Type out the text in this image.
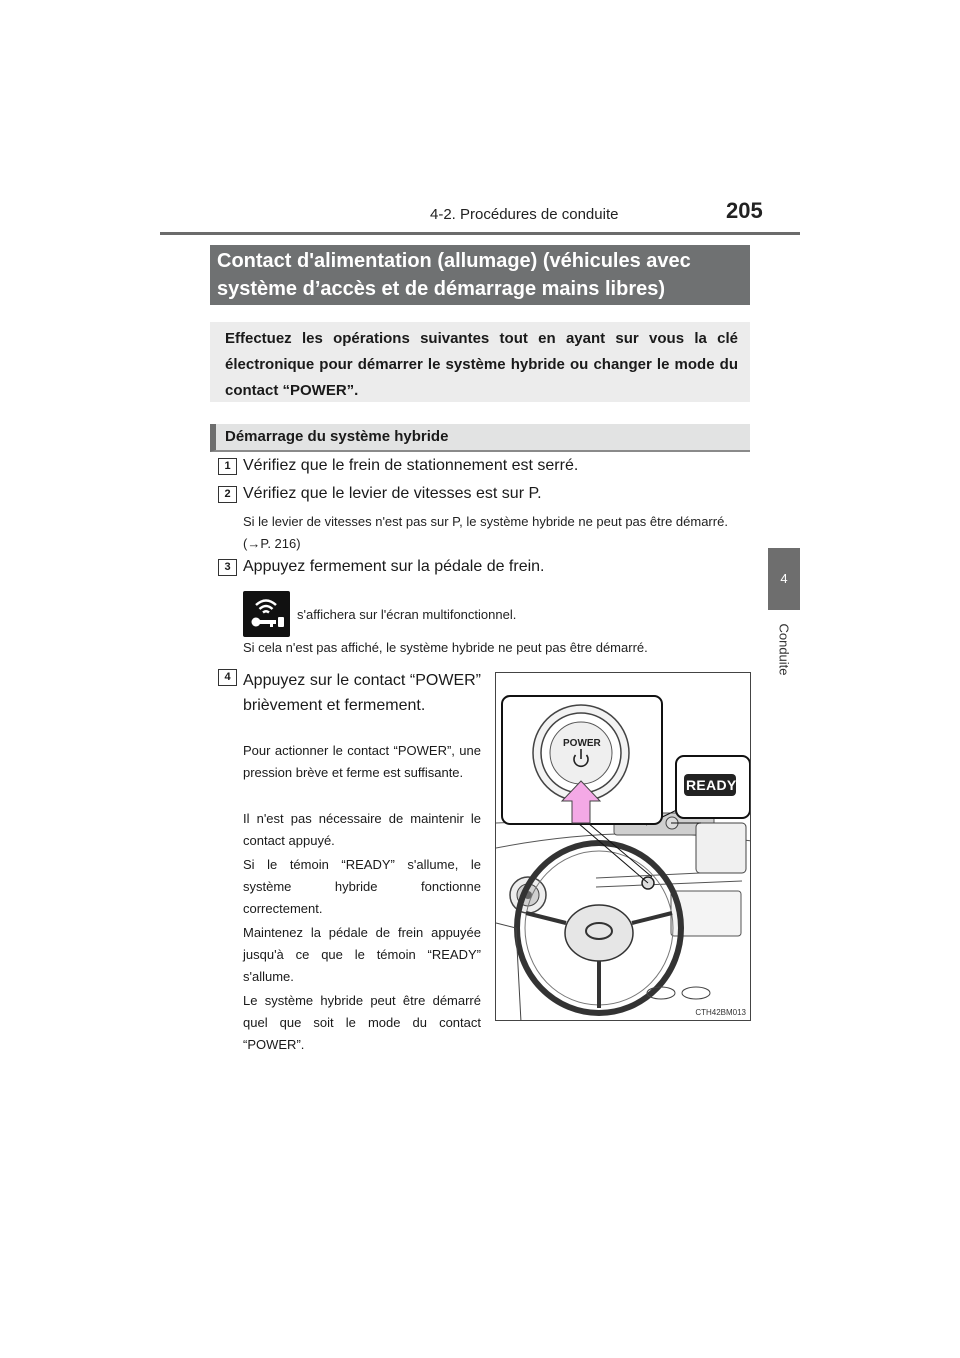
4-2. Procédures de conduite	205
4
Conduite
Contact d'alimentation (allumage) (véhicules avec
système d’accès et de démarrage mains libres)
Effectuez les opérations suivantes tout en ayant sur vous la clé électronique pour démarrer le système hybride ou changer le mode du contact “POWER”.
Démarrage du système hybride
1 Vérifiez que le frein de stationnement est serré.
2 Vérifiez que le levier de vitesses est sur P.
Si le levier de vitesses n'est pas sur P, le système hybride ne peut pas être démarré. (→P. 216)
3 Appuyez fermement sur la pédale de frein.
s'affichera sur l'écran multifonctionnel.
Si cela n'est pas affiché, le système hybride ne peut pas être démarré.
4 Appuyez sur le contact “POWER” brièvement et fermement.
Pour actionner le contact “POWER”, une pression brève et ferme est suffisante.
Il n'est pas nécessaire de maintenir le contact appuyé.
Si le témoin “READY” s'allume, le système hybride fonctionne correctement.
Maintenez la pédale de frein appuyée jusqu'à ce que le témoin “READY” s'allume.
Le système hybride peut être démarré quel que soit le mode du contact “POWER”.
POWER
READY
CTH42BM013
